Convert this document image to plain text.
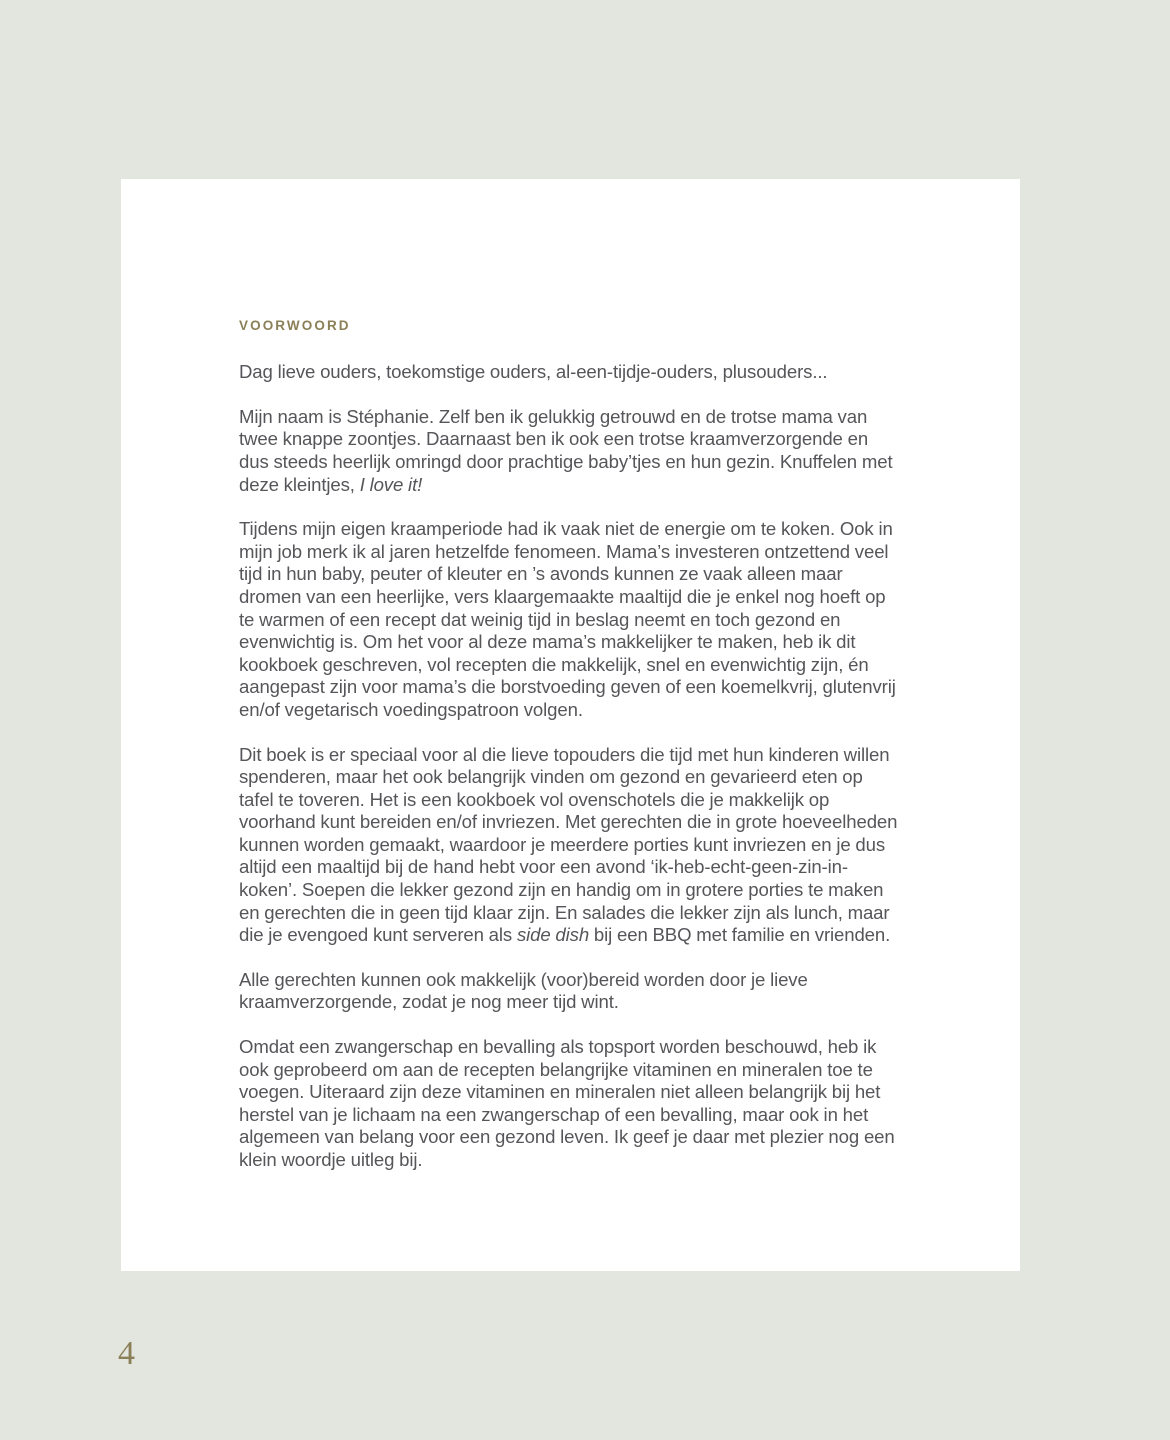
VOORWOORD

Dag lieve ouders, toekomstige ouders, al-een-tijdje-ouders, plusouders...

Mijn naam is Stéphanie. Zelf ben ik gelukkig getrouwd en de trotse mama van twee knappe zoontjes. Daarnaast ben ik ook een trotse kraamverzorgende en dus steeds heerlijk omringd door prachtige baby’tjes en hun gezin. Knuffelen met deze kleintjes, I love it!

Tijdens mijn eigen kraamperiode had ik vaak niet de energie om te koken. Ook in mijn job merk ik al jaren hetzelfde fenomeen. Mama’s investeren ontzettend veel tijd in hun baby, peuter of kleuter en ’s avonds kunnen ze vaak alleen maar dromen van een heerlijke, vers klaargemaakte maaltijd die je enkel nog hoeft op te warmen of een recept dat weinig tijd in beslag neemt en toch gezond en evenwichtig is. Om het voor al deze mama’s makkelijker te maken, heb ik dit kookboek geschreven, vol recepten die makkelijk, snel en evenwichtig zijn, én aangepast zijn voor mama’s die borstvoeding geven of een koemelkvrij, glutenvrij en/of vegetarisch voedingspatroon volgen.

Dit boek is er speciaal voor al die lieve topouders die tijd met hun kinderen willen spenderen, maar het ook belangrijk vinden om gezond en gevarieerd eten op tafel te toveren. Het is een kookboek vol ovenschotels die je makkelijk op voorhand kunt bereiden en/of invriezen. Met gerechten die in grote hoeveelheden kunnen worden gemaakt, waardoor je meerdere porties kunt invriezen en je dus altijd een maaltijd bij de hand hebt voor een avond ‘ik-heb-echt-geen-zin-in-koken’. Soepen die lekker gezond zijn en handig om in grotere porties te maken en gerechten die in geen tijd klaar zijn. En salades die lekker zijn als lunch, maar die je evengoed kunt serveren als side dish bij een BBQ met familie en vrienden.

Alle gerechten kunnen ook makkelijk (voor)bereid worden door je lieve kraamverzorgende, zodat je nog meer tijd wint.

Omdat een zwangerschap en bevalling als topsport worden beschouwd, heb ik ook geprobeerd om aan de recepten belangrijke vitaminen en mineralen toe te voegen. Uiteraard zijn deze vitaminen en mineralen niet alleen belangrijk bij het herstel van je lichaam na een zwangerschap of een bevalling, maar ook in het algemeen van belang voor een gezond leven. Ik geef je daar met plezier nog een klein woordje uitleg bij.

4
